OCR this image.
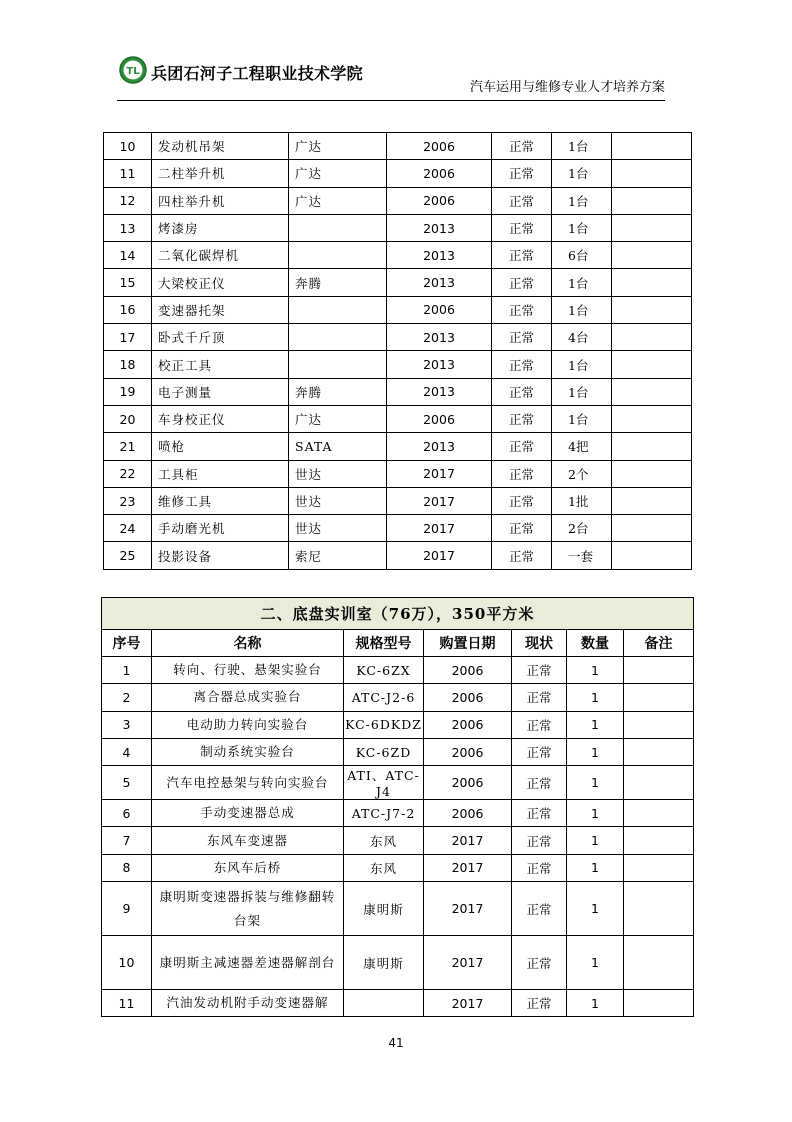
TL 兵团石河子工程职业技术学院
汽车运用与维修专业人才培养方案
10	发动机吊架	广达	2006	正常	1台	
11	二柱举升机	广达	2006	正常	1台	
12	四柱举升机	广达	2006	正常	1台	
13	烤漆房		2013	正常	1台	
14	二氧化碳焊机		2013	正常	6台	
15	大梁校正仪	奔腾	2013	正常	1台	
16	变速器托架		2006	正常	1台	
17	卧式千斤顶		2013	正常	4台	
18	校正工具		2013	正常	1台	
19	电子测量	奔腾	2013	正常	1台	
20	车身校正仪	广达	2006	正常	1台	
21	喷枪	SATA	2013	正常	4把	
22	工具柜	世达	2017	正常	2个	
23	维修工具	世达	2017	正常	1批	
24	手动磨光机	世达	2017	正常	2台	
25	投影设备	索尼	2017	正常	一套	
二、底盘实训室（76万），350平方米						
序号	名称	规格型号	购置日期	现状	数量	备注
1	转向、行驶、悬架实验台	KC-6ZX	2006	正常	1	
2	离合器总成实验台	ATC-J2-6	2006	正常	1	
3	电动助力转向实验台	KC-6DKDZ	2006	正常	1	
4	制动系统实验台	KC-6ZD	2006	正常	1	
5	汽车电控悬架与转向实验台	ATI、ATC-J4	2006	正常	1	
6	手动变速器总成	ATC-J7-2	2006	正常	1	
7	东风车变速器	东风	2017	正常	1	
8	东风车后桥	东风	2017	正常	1	
9	康明斯变速器拆装与维修翻转台架	康明斯	2017	正常	1	
10	康明斯主减速器差速器解剖台	康明斯	2017	正常	1	
11	汽油发动机附手动变速器解		2017	正常	1	
41
